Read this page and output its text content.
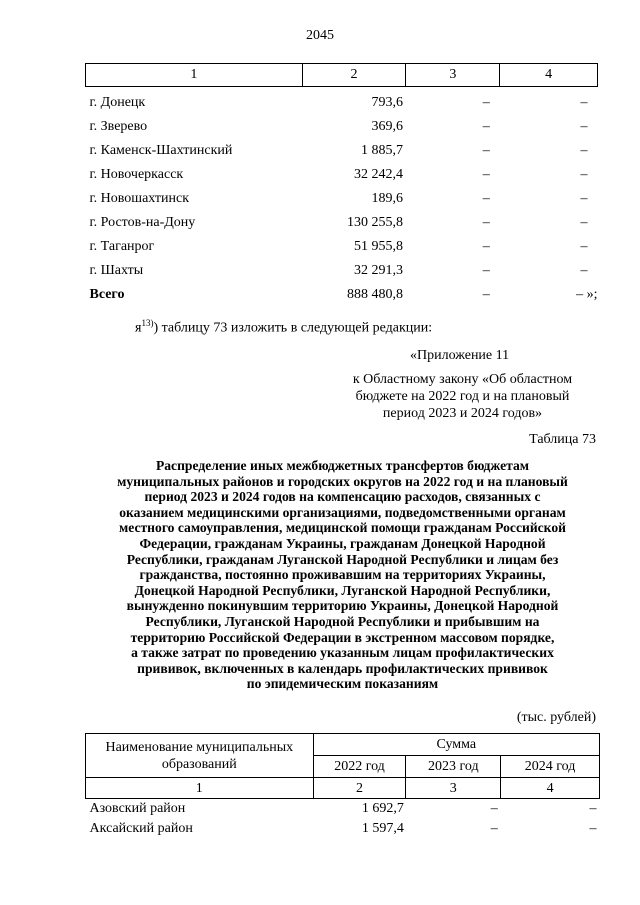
2045
1	2	3	4
г. Донецк	793,6	–	–
г. Зверево	369,6	–	–
г. Каменск-Шахтинский	1 885,7	–	–
г. Новочеркасск	32 242,4	–	–
г. Новошахтинск	189,6	–	–
г. Ростов-на-Дону	130 255,8	–	–
г. Таганрог	51 955,8	–	–
г. Шахты	32 291,3	–	–
Всего	888 480,8	–	– »;
$я^{13)}$) таблицу 73 изложить в следующей редакции:
«Приложение 11
к Областному закону «Об областном
бюджете на 2022 год и на плановый
период 2023 и 2024 годов»
Таблица 73
Распределение иных межбюджетных трансфертов бюджетам
муниципальных районов и городских округов на 2022 год и на плановый
период 2023 и 2024 годов на компенсацию расходов, связанных с
оказанием медицинскими организациями, подведомственными органам
местного самоуправления, медицинской помощи гражданам Российской
Федерации, гражданам Украины, гражданам Донецкой Народной
Республики, гражданам Луганской Народной Республики и лицам без
гражданства, постоянно проживавшим на территориях Украины,
Донецкой Народной Республики, Луганской Народной Республики,
вынужденно покинувшим территорию Украины, Донецкой Народной
Республики, Луганской Народной Республики и прибывшим на
территорию Российской Федерации в экстренном массовом порядке,
а также затрат по проведению указанным лицам профилактических
прививок, включенных в календарь профилактических прививок
по эпидемическим показаниям
(тыс. рублей)
Наименование муниципальных
образований	Сумма		
	2022 год	2023 год	2024 год
1	2	3	4
Азовский район	1 692,7	–	–
Аксайский район	1 597,4	–	–
